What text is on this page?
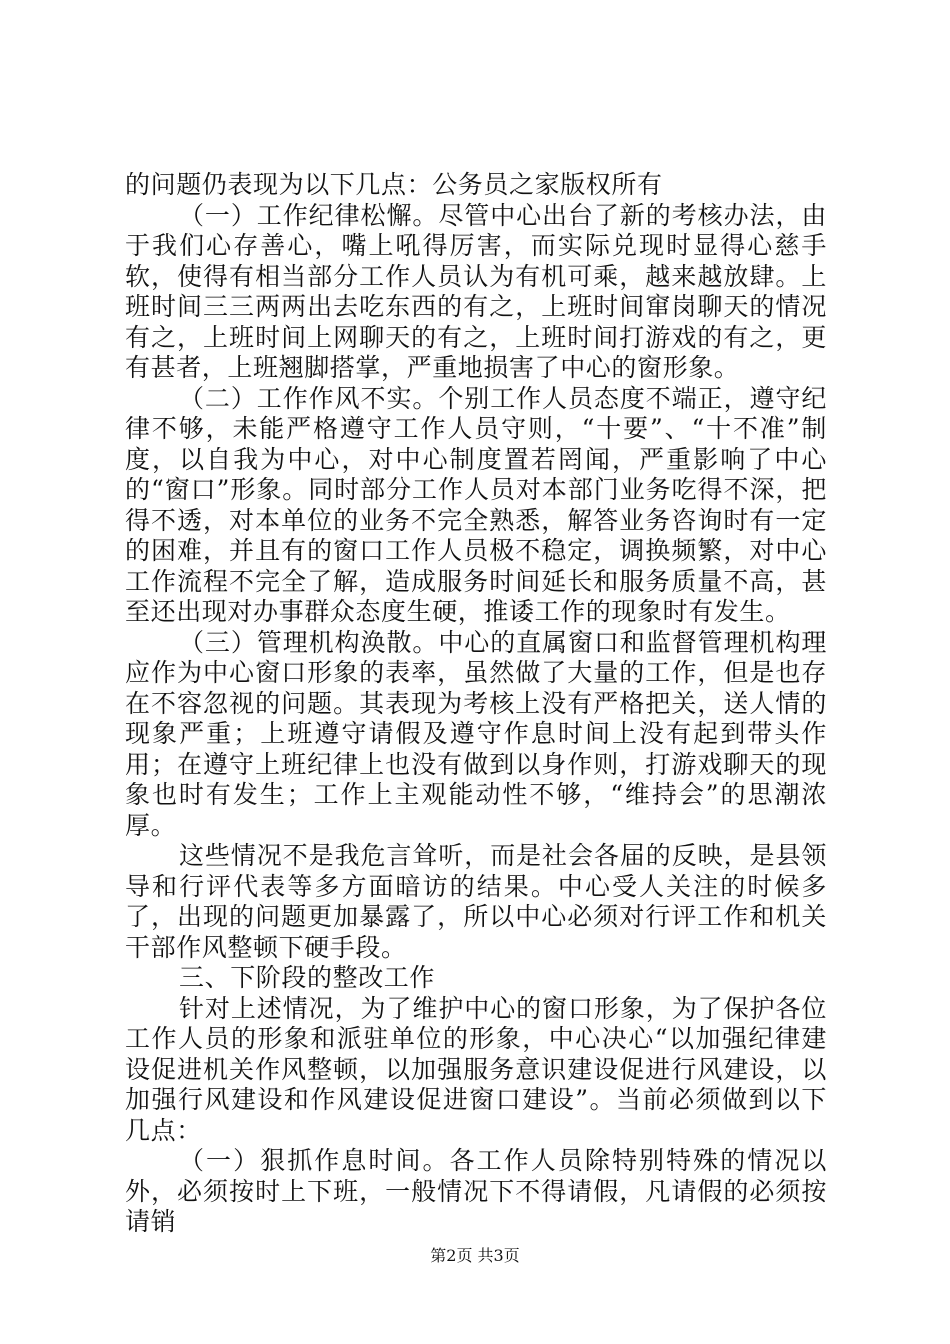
的问题仍表现为以下几点：公务员之家版权所有

（一）工作纪律松懈。尽管中心出台了新的考核办法，由于我们心存善心，嘴上吼得厉害，而实际兑现时显得心慈手软，使得有相当部分工作人员认为有机可乘，越来越放肆。上班时间三三两两出去吃东西的有之，上班时间窜岗聊天的情况有之，上班时间上网聊天的有之，上班时间打游戏的有之，更有甚者，上班翘脚搭掌，严重地损害了中心的窗形象。

（二）工作作风不实。个别工作人员态度不端正，遵守纪律不够，未能严格遵守工作人员守则，“十要”、“十不准”制度，以自我为中心，对中心制度置若罔闻，严重影响了中心的“窗口”形象。同时部分工作人员对本部门业务吃得不深，把得不透，对本单位的业务不完全熟悉，解答业务咨询时有一定的困难，并且有的窗口工作人员极不稳定，调换频繁，对中心工作流程不完全了解，造成服务时间延长和服务质量不高，甚至还出现对办事群众态度生硬，推诿工作的现象时有发生。

（三）管理机构涣散。中心的直属窗口和监督管理机构理应作为中心窗口形象的表率，虽然做了大量的工作，但是也存在不容忽视的问题。其表现为考核上没有严格把关，送人情的现象严重；上班遵守请假及遵守作息时间上没有起到带头作用；在遵守上班纪律上也没有做到以身作则，打游戏聊天的现象也时有发生；工作上主观能动性不够，“维持会”的思潮浓厚。

这些情况不是我危言耸听，而是社会各届的反映，是县领导和行评代表等多方面暗访的结果。中心受人关注的时候多了，出现的问题更加暴露了，所以中心必须对行评工作和机关干部作风整顿下硬手段。

三、下阶段的整改工作

针对上述情况，为了维护中心的窗口形象，为了保护各位工作人员的形象和派驻单位的形象，中心决心“以加强纪律建设促进机关作风整顿，以加强服务意识建设促进行风建设，以加强行风建设和作风建设促进窗口建设”。当前必须做到以下几点：

（一）狠抓作息时间。各工作人员除特别特殊的情况以外，必须按时上下班，一般情况下不得请假，凡请假的必须按请销

第2页 共3页
